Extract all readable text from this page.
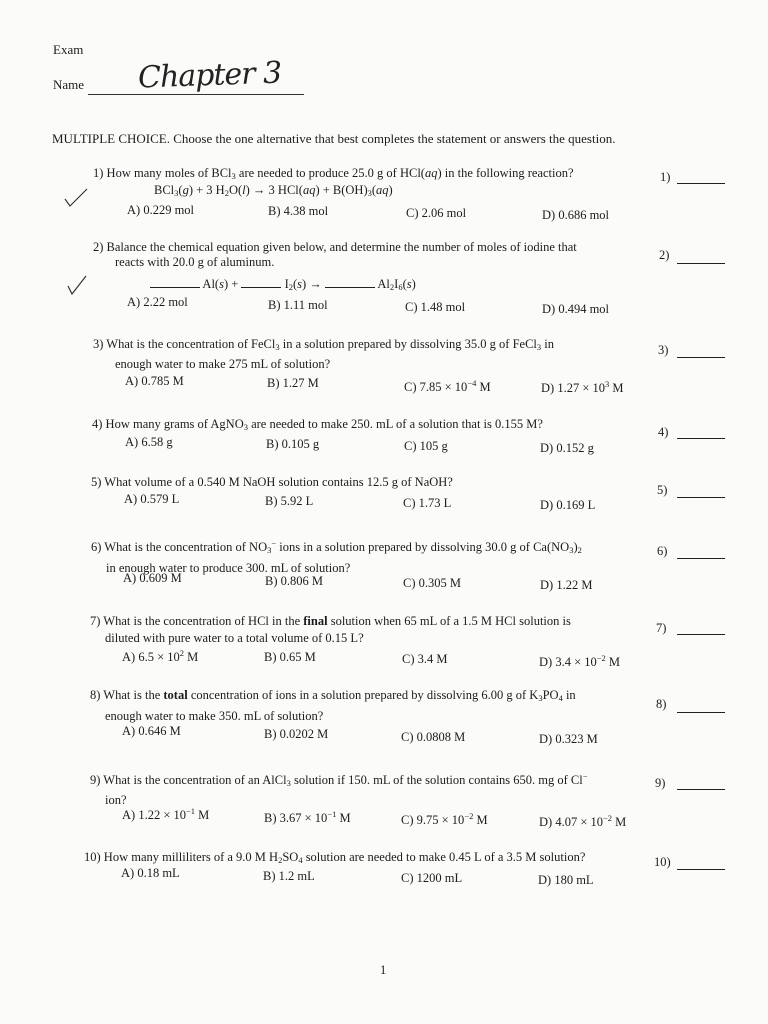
Exam
Name Chapter 3
MULTIPLE CHOICE. Choose the one alternative that best completes the statement or answers the question.
1) How many moles of BCl$_3$ are needed to produce 25.0 g of HCl(aq) in the following reaction?
BCl$_3$(g) + 3 $H_2O(l) \to 3$ $HCl(aq) + B(OH)_3(aq)$
1)
A) 0.229 mol	B) 4.38 mol	C) 2.06 mol	D) 0.686 mol
2) Balance the chemical equation given below, and determine the number of moles of iodine that
reacts with 20.0 g of aluminum.
Al(s) +	$I_2(s)$ →	$Al_2I_6(s)$
2)
A) 2.22 mol	B) 1.11 mol	C) 1.48 mol	D) 0.494 mol
3) What is the concentration of FeCl$_3$ in a solution prepared by dissolving 35.0 g of FeCl$_3$ in
enough water to make 275 mL of solution?
3)
A) 0.785 M	B) 1.27 M	C) $7.85 \times 10^{-4}$ M	D) $1.27 \times 10^3$ M
4) How many grams of AgNO$_3$ are needed to make 250. mL of a solution that is 0.155 M?
4)
A) 6.58 g	B) 0.105 g	C) 105 g	D) 0.152 g
5) What volume of a 0.540 M NaOH solution contains 12.5 g of NaOH?
5)
A) 0.579 L	B) 5.92 L	C) 1.73 L	D) 0.169 L
6) What is the concentration of $NO_3^-$ ions in a solution prepared by dissolving 30.0 g of $Ca(NO_3)_2$
in enough water to produce 300. mL of solution?
6)
A) 0.609 M	B) 0.806 M	C) 0.305 M	D) 1.22 M
7) What is the concentration of HCl in the final solution when 65 mL of a 1.5 M HCl solution is
diluted with pure water to a total volume of 0.15 L?
7)
A) $6.5 \times 10^2$ M	B) 0.65 M	C) 3.4 M	D) $3.4 \times 10^{-2}$ M
8) What is the total concentration of ions in a solution prepared by dissolving 6.00 g of $K_3PO_4$ in
enough water to make 350. mL of solution?
8)
A) 0.646 M	B) 0.0202 M	C) 0.0808 M	D) 0.323 M
9) What is the concentration of an AlCl$_3$ solution if 150. mL of the solution contains 650. mg of Cl−
ion?
9)
A) $1.22 \times 10^{-1}$ M	B) $3.67 \times 10^{-1}$ M	C) $9.75 \times 10^{-2}$ M	D) $4.07 \times 10^{-2}$ M
10) How many milliliters of a 9.0 M $H_2SO_4$ solution are needed to make 0.45 L of a 3.5 M solution?	10)
A) 0.18 mL	B) 1.2 mL	C) 1200 mL	D) 180 mL
1
